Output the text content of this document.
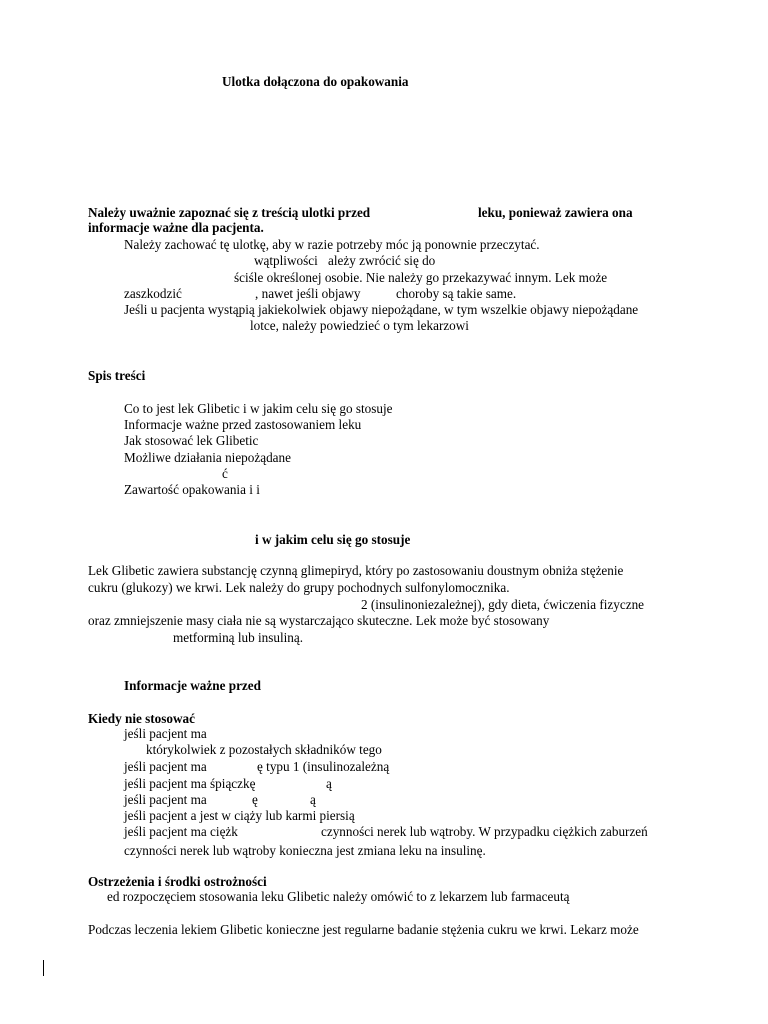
Ulotka dołączona do opakowania
Należy uważnie zapoznać się z treścią ulotki przed	leku, ponieważ zawiera ona
informacje ważne dla pacjenta.
Należy zachować tę ulotkę, aby w razie potrzeby móc ją ponownie przeczytać.
wątpliwości ależy zwrócić się do
ściśle określonej osobie. Nie należy go przekazywać innym. Lek może
zaszkodzić	, nawet jeśli objawy	choroby są takie same.
Jeśli u pacjenta wystąpią jakiekolwiek objawy niepożądane, w tym wszelkie objawy niepożądane
lotce, należy powiedzieć o tym lekarzowi
Spis treści
Co to jest lek Glibetic i w jakim celu się go stosuje
Informacje ważne przed zastosowaniem leku
Jak stosować lek Glibetic
Możliwe działania niepożądane
ć
Zawartość opakowania i i
i w jakim celu się go stosuje
Lek Glibetic zawiera substancję czynną glimepiryd, który po zastosowaniu doustnym obniża stężenie
cukru (glukozy) we krwi. Lek należy do grupy pochodnych sulfonylomocznika.
2 (insulinoniezależnej), gdy dieta, ćwiczenia fizyczne
oraz zmniejszenie masy ciała nie są wystarczająco skuteczne. Lek może być stosowany
metforminą lub insuliną.
Informacje ważne przed
Kiedy nie stosować
jeśli pacjent ma
którykolwiek z pozostałych składników tego
jeśli pacjent ma	ę typu 1 (insulinozależną
jeśli pacjent ma śpiączkę	ą
jeśli pacjent ma	ę	ą
jeśli pacjent a jest w ciąży lub karmi piersią
jeśli pacjent ma ciężk	czynności nerek lub wątroby. W przypadku ciężkich zaburzeń
czynności nerek lub wątroby konieczna jest zmiana leku na insulinę.
Ostrzeżenia i środki ostrożności
ed rozpoczęciem stosowania leku Glibetic należy omówić to z lekarzem lub farmaceutą
Podczas leczenia lekiem Glibetic konieczne jest regularne badanie stężenia cukru we krwi. Lekarz może
